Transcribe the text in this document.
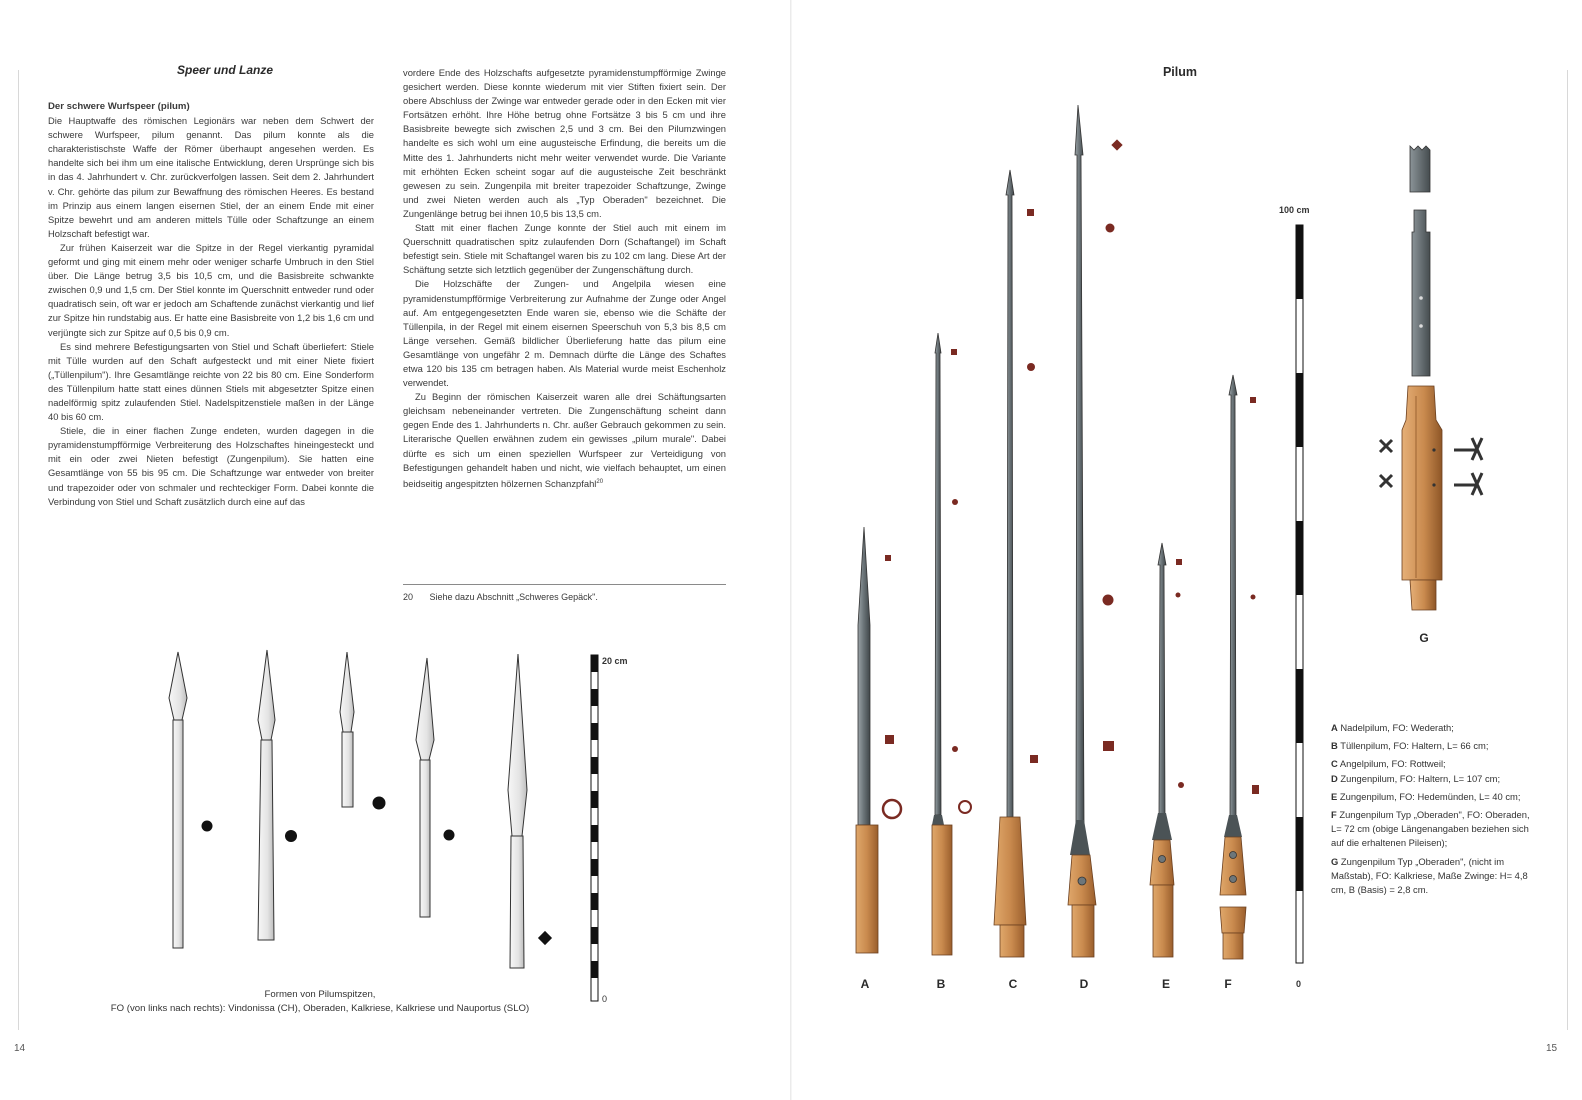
Speer und Lanze
Der schwere Wurfspeer (pilum)

Die Hauptwaffe des römischen Legionärs war neben dem Schwert der schwere Wurfspeer, pilum genannt. Das pilum konnte als die charakteristischste Waffe der Römer überhaupt angesehen werden. Es handelte sich bei ihm um eine italische Entwicklung, deren Ursprünge sich bis in das 4. Jahrhundert v. Chr. zurückverfolgen lassen. Seit dem 2. Jahrhundert v. Chr. gehörte das pilum zur Bewaffnung des römischen Heeres. Es bestand im Prinzip aus einem langen eisernen Stiel, der an einem Ende mit einer Spitze bewehrt und am anderen mittels Tülle oder Schaftzunge an einem Holzschaft befestigt war.

Zur frühen Kaiserzeit war die Spitze in der Regel vierkantig pyramidal geformt und ging mit einem mehr oder weniger scharfe Umbruch in den Stiel über. Die Länge betrug 3,5 bis 10,5 cm, und die Basisbreite schwankte zwischen 0,9 und 1,5 cm. Der Stiel konnte im Querschnitt entweder rund oder quadratisch sein, oft war er jedoch am Schaftende zunächst vierkantig und lief zur Spitze hin rundstabig aus. Er hatte eine Basisbreite von 1,2 bis 1,6 cm und verjüngte sich zur Spitze auf 0,5 bis 0,9 cm.

Es sind mehrere Befestigungsarten von Stiel und Schaft überliefert: Stiele mit Tülle wurden auf den Schaft aufgesteckt und mit einer Niete fixiert („Tüllenpilum"). Ihre Gesamtlänge reichte von 22 bis 80 cm. Eine Sonderform des Tüllenpilum hatte statt eines dünnen Stiels mit abgesetzter Spitze einen nadelförmig spitz zulaufenden Stiel. Nadelspitzenstiele maßen in der Länge 40 bis 60 cm.

Stiele, die in einer flachen Zunge endeten, wurden dagegen in die pyramidenstumpfförmige Verbreiterung des Holzschaftes hineingesteckt und mit ein oder zwei Nieten befestigt (Zungenpilum). Sie hatten eine Gesamtlänge von 55 bis 95 cm. Die Schaftzunge war entweder von breiter und trapezoider oder von schmaler und rechteckiger Form. Dabei konnte die Verbindung von Stiel und Schaft zusätzlich durch eine auf das

vordere Ende des Holzschafts aufgesetzte pyramidenstumpfförmige Zwinge gesichert werden. Diese konnte wiederum mit vier Stiften fixiert sein. Der obere Abschluss der Zwinge war entweder gerade oder in den Ecken mit vier Fortsätzen erhöht. Ihre Höhe betrug ohne Fortsätze 3 bis 5 cm und ihre Basisbreite bewegte sich zwischen 2,5 und 3 cm. Bei den Pilumzwingen handelte es sich wohl um eine augusteische Erfindung, die bereits um die Mitte des 1. Jahrhunderts nicht mehr weiter verwendet wurde. Die Variante mit erhöhten Ecken scheint sogar auf die augusteische Zeit beschränkt gewesen zu sein. Zungenpila mit breiter trapezoider Schaftzunge, Zwinge und zwei Nieten werden auch als „Typ Oberaden" bezeichnet. Die Zungenlänge betrug bei ihnen 10,5 bis 13,5 cm.

Statt mit einer flachen Zunge konnte der Stiel auch mit einem im Querschnitt quadratischen spitz zulaufenden Dorn (Schaftangel) im Schaft befestigt sein. Stiele mit Schaftangel waren bis zu 102 cm lang. Diese Art der Schäftung setzte sich letztlich gegenüber der Zungenschäftung durch.

Die Holzschäfte der Zungen- und Angelpila wiesen eine pyramidenstumpfförmige Verbreiterung zur Aufnahme der Zunge oder Angel auf. Am entgegengesetzten Ende waren sie, ebenso wie die Schäfte der Tüllenpila, in der Regel mit einem eisernen Speerschuh von 5,3 bis 8,5 cm Länge versehen. Gemäß bildlicher Überlieferung hatte das pilum eine Gesamtlänge von ungefähr 2 m. Demnach dürfte die Länge des Schaftes etwa 120 bis 135 cm betragen haben. Als Material wurde meist Eschenholz verwendet.

Zu Beginn der römischen Kaiserzeit waren alle drei Schäftungsarten gleichsam nebeneinander vertreten. Die Zungenschäftung scheint dann gegen Ende des 1. Jahrhunderts n. Chr. außer Gebrauch gekommen zu sein. Literarische Quellen erwähnen zudem ein gewisses „pilum murale". Dabei dürfte es sich um einen speziellen Wurfspeer zur Verteidigung von Befestigungen gehandelt haben und nicht, wie vielfach behauptet, um einen beidseitig angespitzten hölzernen Schanzpfahl$^{20}$

20 Siehe dazu Abschnitt „Schweres Gepäck".
20 cm
0
Formen von Pilumspitzen,
FO (von links nach rechts): Vindonissa (CH), Oberaden, Kalkriese, Kalkriese und Nauportus (SLO)
14
Pilum
100 cm
0
A	B	C	D	E	F
G
A Nadelpilum, FO: Wederath;
B Tüllenpilum, FO: Haltern, L= 66 cm;
C Angelpilum, FO: Rottweil;
D Zungenpilum, FO: Haltern, L= 107 cm;
E Zungenpilum, FO: Hedemünden, L= 40 cm;
F Zungenpilum Typ „Oberaden", FO: Oberaden, L= 72 cm (obige Längenangaben beziehen sich auf die erhaltenen Pileisen);
G Zungenpilum Typ „Oberaden", (nicht im Maßstab), FO: Kalkriese, Maße Zwinge: H= 4,8 cm, B (Basis) = 2,8 cm.
15
